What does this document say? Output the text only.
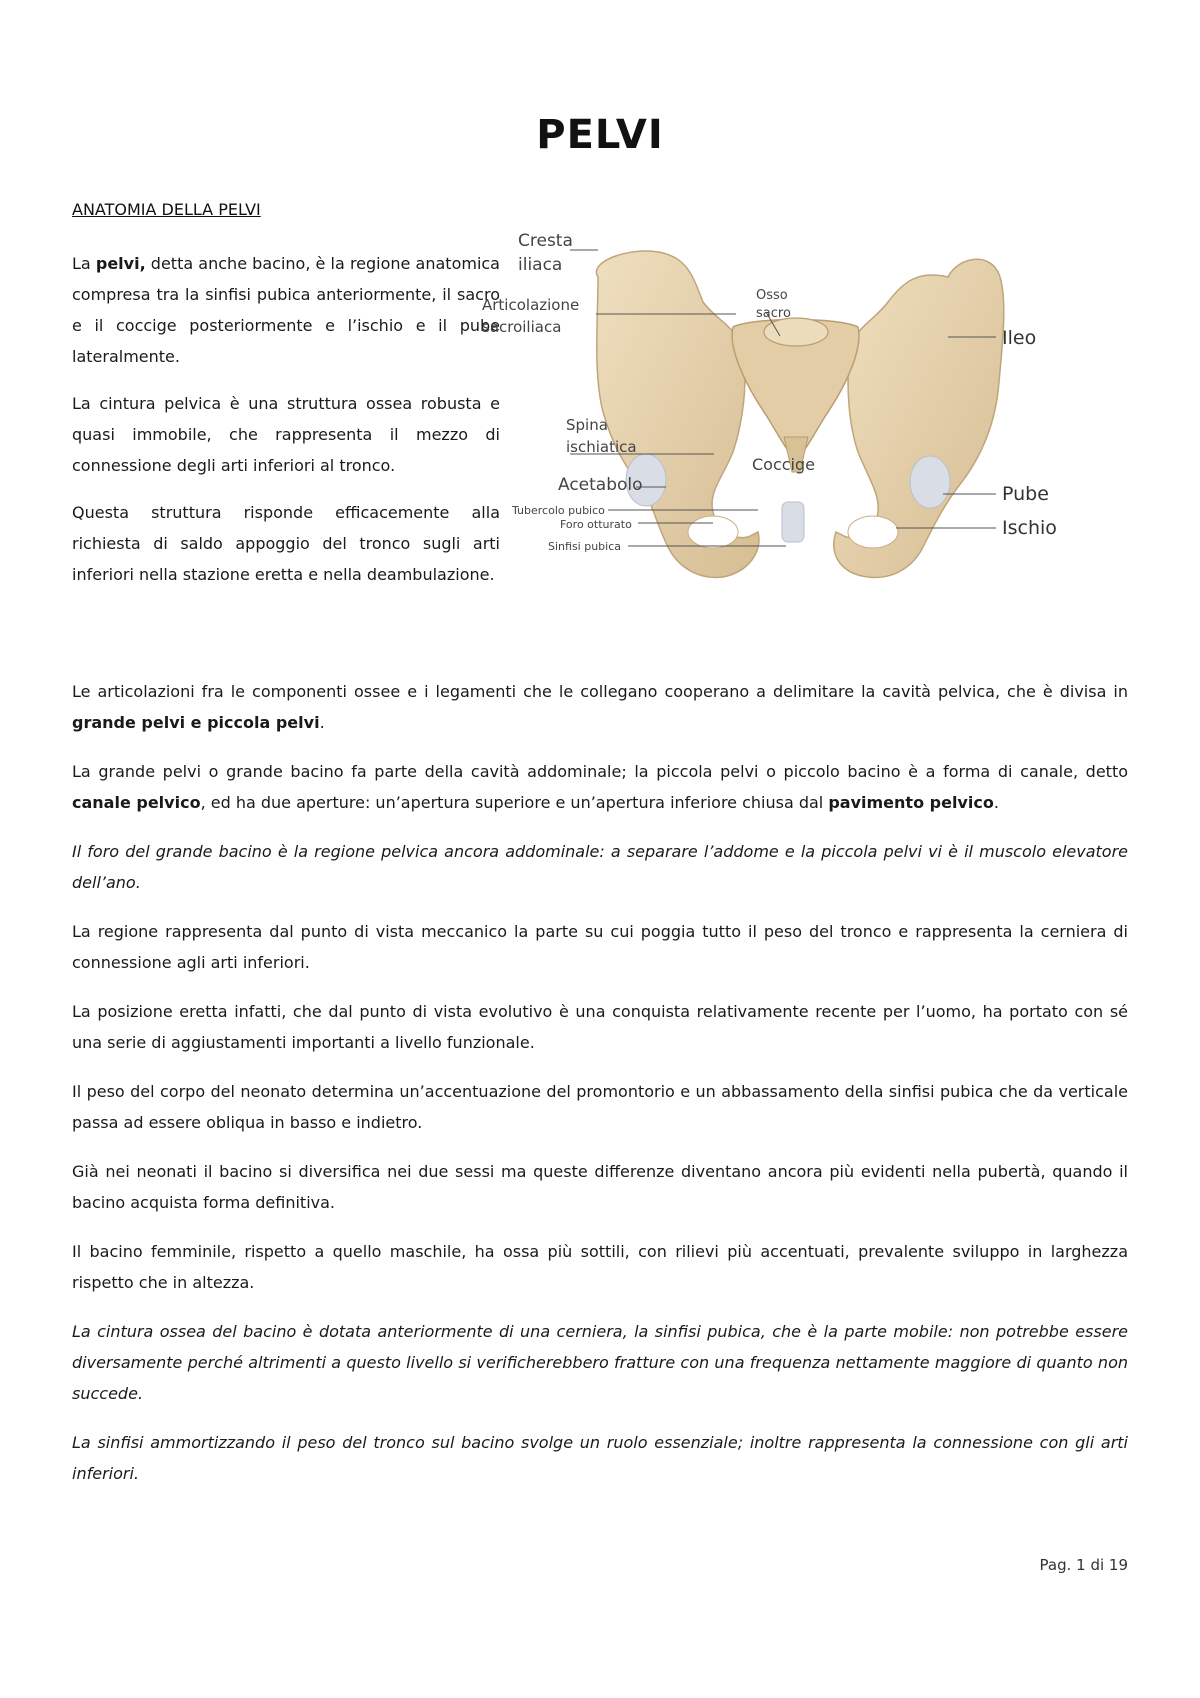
PELVI
ANATOMIA DELLA PELVI

La pelvi, detta anche bacino, è la regione anatomica compresa tra la sinfisi pubica anteriormente, il sacro e il coccige posteriormente e l’ischio e il pube lateralmente.

La cintura pelvica è una struttura ossea robusta e quasi immobile, che rappresenta il mezzo di connessione degli arti inferiori al tronco.

Questa struttura risponde efficacemente alla richiesta di saldo appoggio del tronco sugli arti inferiori nella stazione eretta e nella deambulazione.

Cresta
iliaca
Articolazione
sacroiliaca
Osso
sacro
Ileo
Spina
ischiatica
Coccige
Acetabolo	Pube
Tubercolo pubico
Foro otturato	Ischio
Sinfisi pubica

Le articolazioni fra le componenti ossee e i legamenti che le collegano cooperano a delimitare la cavità pelvica, che è divisa in grande pelvi e piccola pelvi.

La grande pelvi o grande bacino fa parte della cavità addominale; la piccola pelvi o piccolo bacino è a forma di canale, detto canale pelvico, ed ha due aperture: un’apertura superiore e un’apertura inferiore chiusa dal pavimento pelvico.

Il foro del grande bacino è la regione pelvica ancora addominale: a separare l’addome e la piccola pelvi vi è il muscolo elevatore dell’ano.

La regione rappresenta dal punto di vista meccanico la parte su cui poggia tutto il peso del tronco e rappresenta la cerniera di connessione agli arti inferiori.

La posizione eretta infatti, che dal punto di vista evolutivo è una conquista relativamente recente per l’uomo, ha portato con sé una serie di aggiustamenti importanti a livello funzionale.

Il peso del corpo del neonato determina un’accentuazione del promontorio e un abbassamento della sinfisi pubica che da verticale passa ad essere obliqua in basso e indietro.

Già nei neonati il bacino si diversifica nei due sessi ma queste differenze diventano ancora più evidenti nella pubertà, quando il bacino acquista forma definitiva.

Il bacino femminile, rispetto a quello maschile, ha ossa più sottili, con rilievi più accentuati, prevalente sviluppo in larghezza rispetto che in altezza.

La cintura ossea del bacino è dotata anteriormente di una cerniera, la sinfisi pubica, che è la parte mobile: non potrebbe essere diversamente perché altrimenti a questo livello si verificherebbero fratture con una frequenza nettamente maggiore di quanto non succede.

La sinfisi ammortizzando il peso del tronco sul bacino svolge un ruolo essenziale; inoltre rappresenta la connessione con gli arti inferiori.

Pag. 1 di 19
